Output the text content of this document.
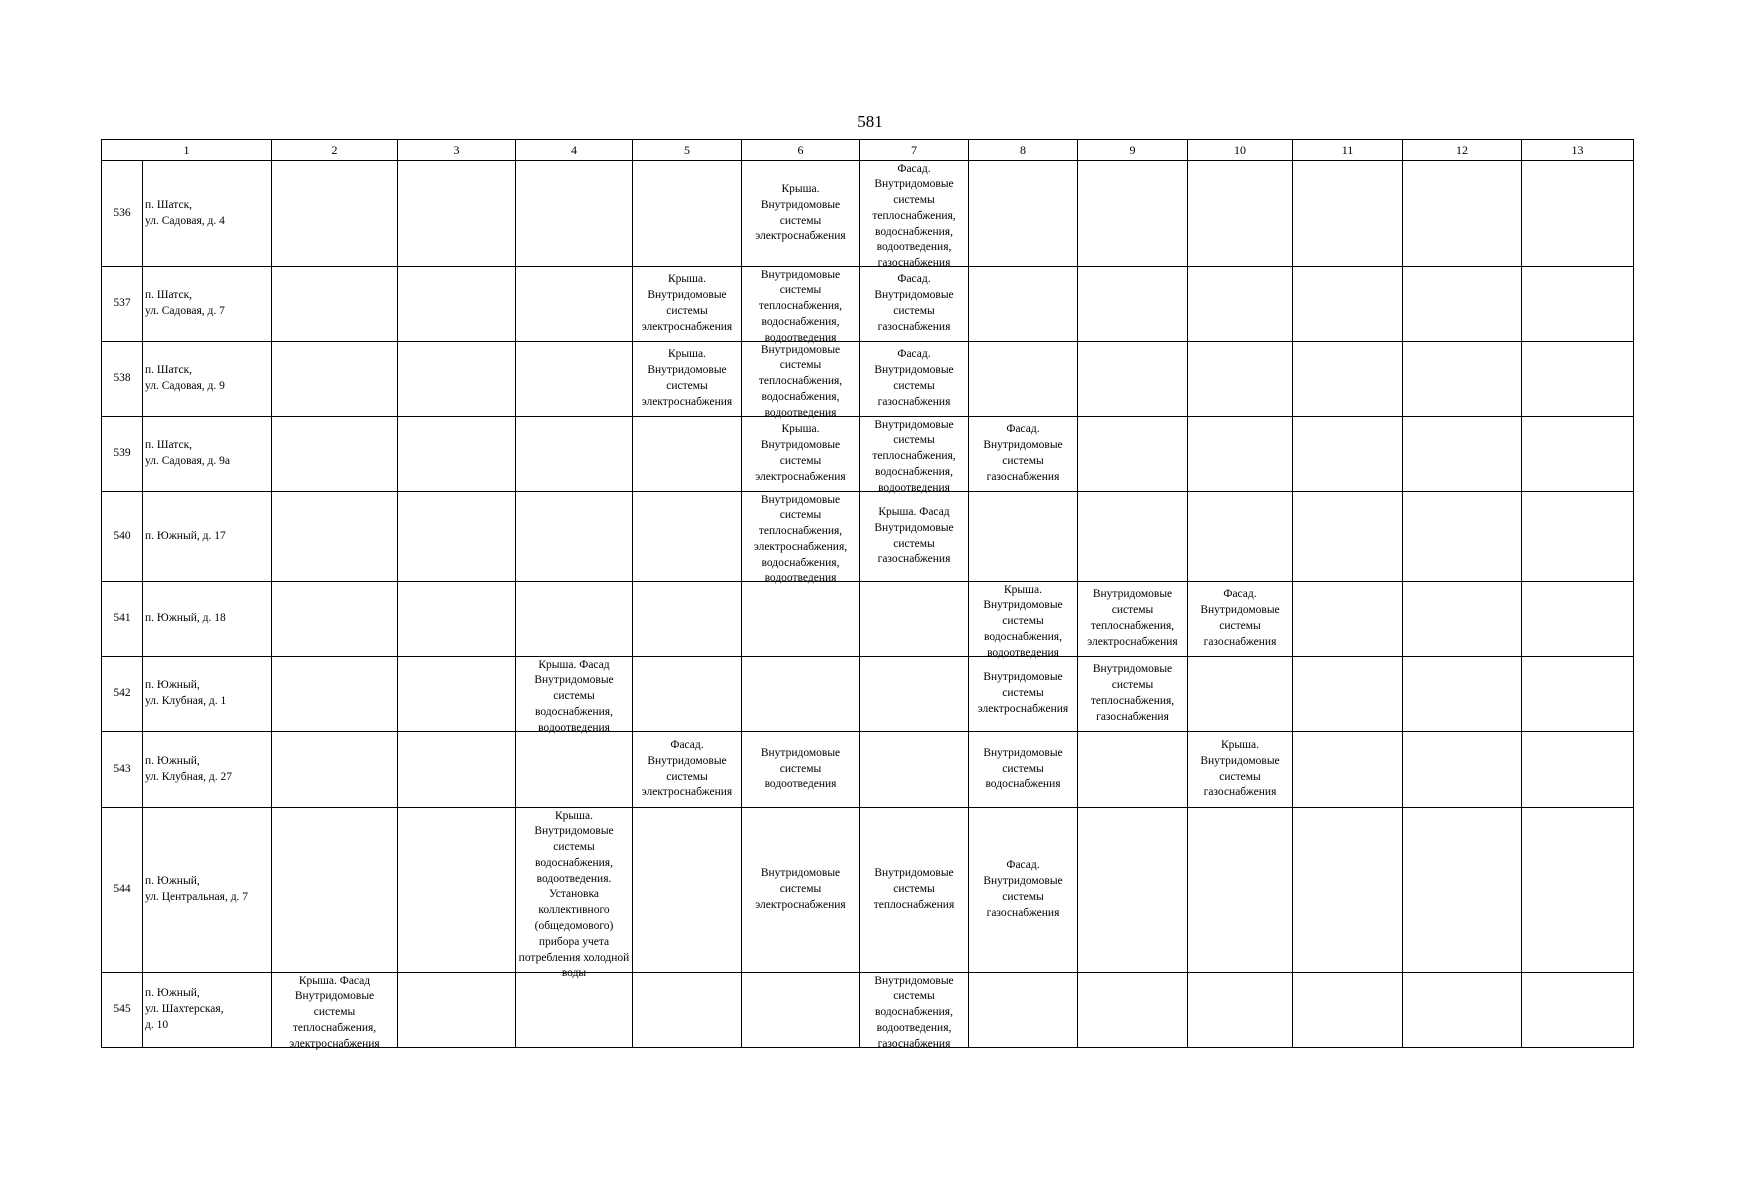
581
1		2	3	4	5	6	7	8	9	10	11	12	13
536	п. Шатск,
ул. Садовая, д. 4					Крыша. Внутридомовые системы электроснабжения	Фасад. Внутридомовые системы теплоснабжения, водоснабжения, водоотведения, газоснабжения						

537	п. Шатск,
ул. Садовая, д. 7				Крыша. Внутридомовые системы электроснабжения	Внутридомовые системы теплоснабжения, водоснабжения, водоотведения	Фасад. Внутридомовые системы газоснабжения						

538	п. Шатск,
ул. Садовая, д. 9				Крыша. Внутридомовые системы электроснабжения	Внутридомовые системы теплоснабжения, водоснабжения, водоотведения	Фасад. Внутридомовые системы газоснабжения						

539	п. Шатск,
ул. Садовая, д. 9а					Крыша. Внутридомовые системы электроснабжения	Внутридомовые системы теплоснабжения, водоснабжения, водоотведения	Фасад. Внутридомовые системы газоснабжения					

540	п. Южный, д. 17					Внутридомовые системы теплоснабжения, электроснабжения, водоснабжения, водоотведения	Крыша. Фасад Внутридомовые системы газоснабжения						

541	п. Южный, д. 18							Крыша. Внутридомовые системы водоснабжения, водоотведения	Внутридомовые системы теплоснабжения, электроснабжения	Фасад. Внутридомовые системы газоснабжения			

542	п. Южный,
ул. Клубная, д. 1			Крыша. Фасад Внутридомовые системы водоснабжения, водоотведения				Внутридомовые системы электроснабжения	Внутридомовые системы теплоснабжения, газоснабжения				

543	п. Южный,
ул. Клубная, д. 27				Фасад. Внутридомовые системы электроснабжения	Внутридомовые системы водоотведения		Внутридомовые системы водоснабжения		Крыша. Внутридомовые системы газоснабжения			

544	п. Южный,
ул. Центральная, д. 7			Крыша. Внутридомовые системы водоснабжения, водоотведения. Установка коллективного (общедомового) прибора учета потребления холодной воды		Внутридомовые системы электроснабжения	Внутридомовые системы теплоснабжения	Фасад. Внутридомовые системы газоснабжения					

545	п. Южный,
ул. Шахтерская,
д. 10	Крыша. Фасад Внутридомовые системы теплоснабжения, электроснабжения					Внутридомовые системы водоснабжения, водоотведения, газоснабжения						
